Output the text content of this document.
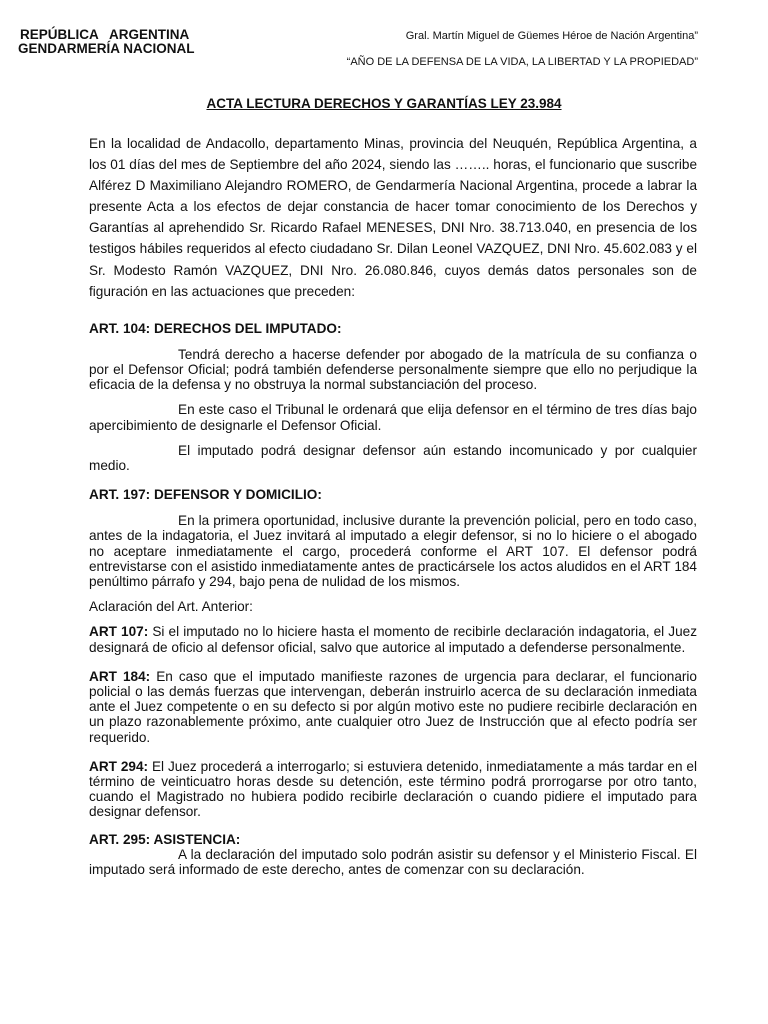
REPÚBLICA   ARGENTINA
GENDARMERÍA NACIONAL
Gral. Martín Miguel de Güemes Héroe de Nación Argentina”
“AÑO DE LA DEFENSA DE LA VIDA, LA LIBERTAD Y LA PROPIEDAD”
ACTA LECTURA DERECHOS Y GARANTÍAS LEY 23.984

En la localidad de Andacollo, departamento Minas, provincia del Neuquén, República Argentina, a los 01 días del mes de Septiembre del año 2024, siendo las …….. horas, el funcionario que suscribe Alférez D Maximiliano Alejandro ROMERO, de Gendarmería Nacional Argentina, procede a labrar la presente Acta a los efectos de dejar constancia de hacer tomar conocimiento de los Derechos y Garantías al aprehendido Sr. Ricardo Rafael MENESES, DNI Nro. 38.713.040, en presencia de los testigos hábiles requeridos al efecto ciudadano Sr. Dilan Leonel VAZQUEZ, DNI Nro. 45.602.083 y el Sr. Modesto Ramón VAZQUEZ, DNI Nro. 26.080.846, cuyos demás datos personales son de figuración en las actuaciones que preceden:

ART. 104: DERECHOS DEL IMPUTADO:

Tendrá derecho a hacerse defender por abogado de la matrícula de su confianza o por el Defensor Oficial; podrá también defenderse personalmente siempre que ello no perjudique la eficacia de la defensa y no obstruya la normal substanciación del proceso.

En este caso el Tribunal le ordenará que elija defensor en el término de tres días bajo apercibimiento de designarle el Defensor Oficial.

El imputado podrá designar defensor aún estando incomunicado y por cualquier medio.

ART. 197: DEFENSOR Y DOMICILIO:

En la primera oportunidad, inclusive durante la prevención policial, pero en todo caso, antes de la indagatoria, el Juez invitará al imputado a elegir defensor, si no lo hiciere o el abogado no aceptare inmediatamente el cargo, procederá conforme el ART 107. El defensor podrá entrevistarse con el asistido inmediatamente antes de practicársele los actos aludidos en el ART 184 penúltimo párrafo y 294, bajo pena de nulidad de los mismos.

Aclaración del Art. Anterior:

ART 107: Si el imputado no lo hiciere hasta el momento de recibirle declaración indagatoria, el Juez designará de oficio al defensor oficial, salvo que autorice al imputado a defenderse personalmente.

ART 184: En caso que el imputado manifieste razones de urgencia para declarar, el funcionario policial o las demás fuerzas que intervengan, deberán instruirlo acerca de su declaración inmediata ante el Juez competente o en su defecto si por algún motivo este no pudiere recibirle declaración en un plazo razonablemente próximo, ante cualquier otro Juez de Instrucción que al efecto podría ser requerido.

ART 294: El Juez procederá a interrogarlo; si estuviera detenido, inmediatamente a más tardar en el término de veinticuatro horas desde su detención, este término podrá prorrogarse por otro tanto, cuando el Magistrado no hubiera podido recibirle declaración o cuando pidiere el imputado para designar defensor.

ART. 295: ASISTENCIA:

A la declaración del imputado solo podrán asistir su defensor y el Ministerio Fiscal. El imputado será informado de este derecho, antes de comenzar con su declaración.
